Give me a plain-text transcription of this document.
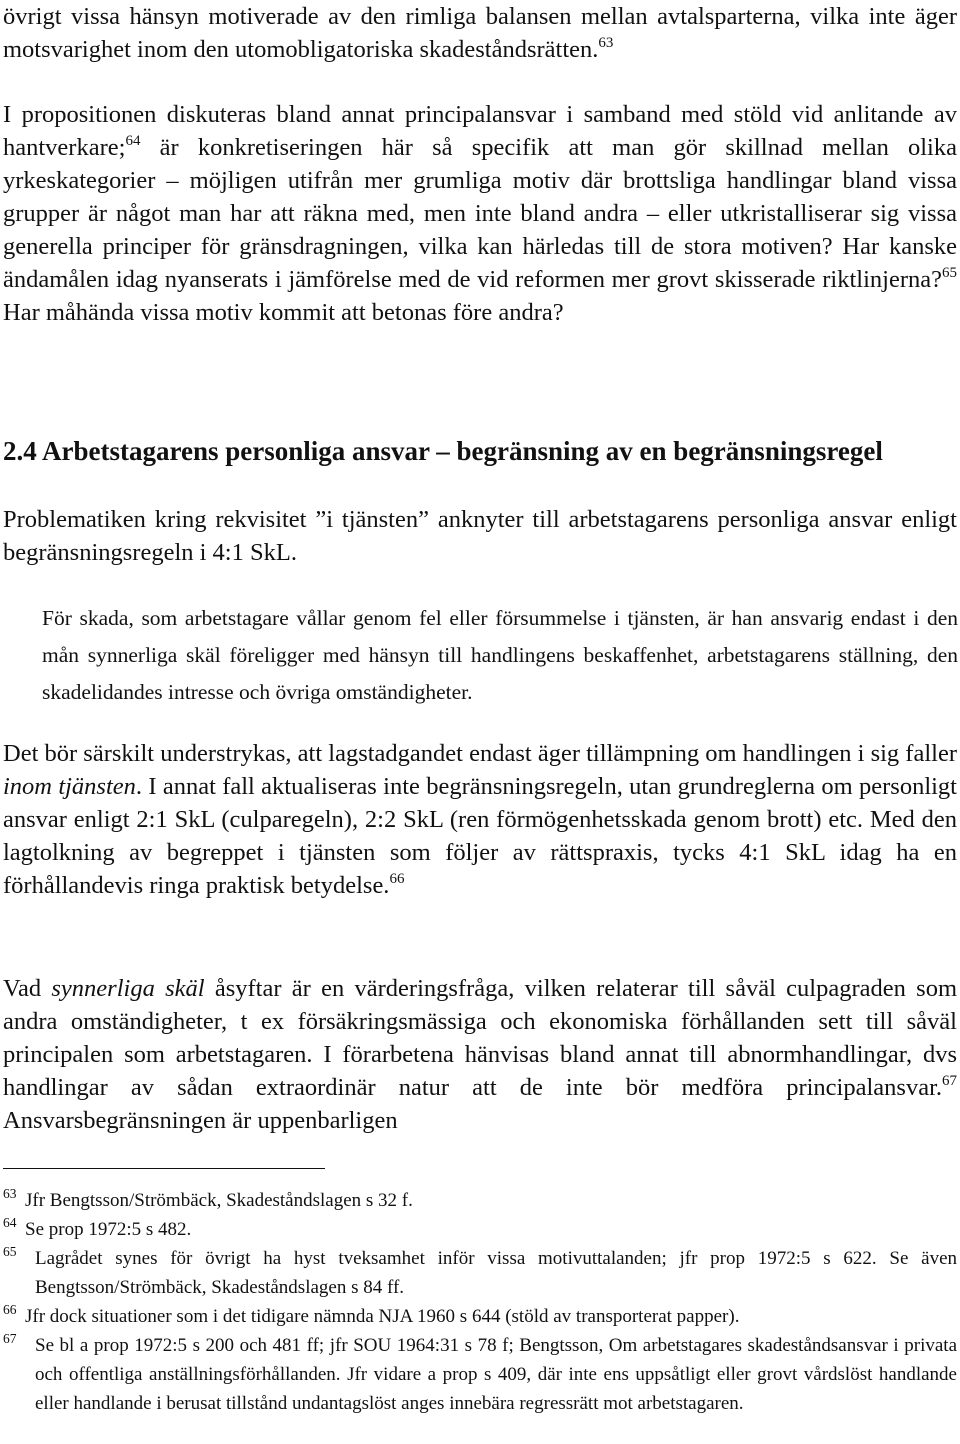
övrigt vissa hänsyn motiverade av den rimliga balansen mellan avtalsparterna, vilka inte äger motsvarighet inom den utomobligatoriska skadeståndsrätten.$^{63}$

I propositionen diskuteras bland annat principalansvar i samband med stöld vid anlitande av hantverkare;$^{64}$ är konkretiseringen här så specifik att man gör skillnad mellan olika yrkeskategorier – möjligen utifrån mer grumliga motiv där brottsliga handlingar bland vissa grupper är något man har att räkna med, men inte bland andra – eller utkristalliserar sig vissa generella principer för gränsdragningen, vilka kan härledas till de stora motiven? Har kanske ändamålen idag nyanserats i jämförelse med de vid reformen mer grovt skisserade riktlinjerna?$^{65}$ Har måhända vissa motiv kommit att betonas före andra?

2.4 Arbetstagarens personliga ansvar – begränsning av en begränsningsregel

Problematiken kring rekvisitet ”i tjänsten” anknyter till arbetstagarens personliga ansvar enligt begränsningsregeln i 4:1 SkL.

För skada, som arbetstagare vållar genom fel eller försummelse i tjänsten, är han ansvarig endast i den mån synnerliga skäl föreligger med hänsyn till handlingens beskaffenhet, arbetstagarens ställning, den skadelidandes intresse och övriga omständigheter.

Det bör särskilt understrykas, att lagstadgandet endast äger tillämpning om handlingen i sig faller inom tjänsten. I annat fall aktualiseras inte begränsningsregeln, utan grundreglerna om personligt ansvar enligt 2:1 SkL (culparegeln), 2:2 SkL (ren förmögenhetsskada genom brott) etc. Med den lagtolkning av begreppet i tjänsten som följer av rättspraxis, tycks 4:1 SkL idag ha en förhållandevis ringa praktisk betydelse.$^{66}$

Vad synnerliga skäl åsyftar är en värderingsfråga, vilken relaterar till såväl culpagraden som andra omständigheter, t ex försäkringsmässiga och ekonomiska förhållanden sett till såväl principalen som arbetstagaren. I förarbetena hänvisas bland annat till abnormhandlingar, dvs handlingar av sådan extraordinär natur att de inte bör medföra principalansvar.$^{67}$ Ansvarsbegränsningen är uppenbarligen

63 Jfr Bengtsson/Strömbäck, Skadeståndslagen s 32 f.
64 Se prop 1972:5 s 482.
65 Lagrådet synes för övrigt ha hyst tveksamhet inför vissa motivuttalanden; jfr prop 1972:5 s 622. Se även Bengtsson/Strömbäck, Skadeståndslagen s 84 ff.
66 Jfr dock situationer som i det tidigare nämnda NJA 1960 s 644 (stöld av transporterat papper).
67 Se bl a prop 1972:5 s 200 och 481 ff; jfr SOU 1964:31 s 78 f; Bengtsson, Om arbetstagares skadeståndsansvar i privata och offentliga anställningsförhållanden. Jfr vidare a prop s 409, där inte ens uppsåtligt eller grovt vårdslöst handlande eller handlande i berusat tillstånd undantagslöst anges innebära regressrätt mot arbetstagaren.
